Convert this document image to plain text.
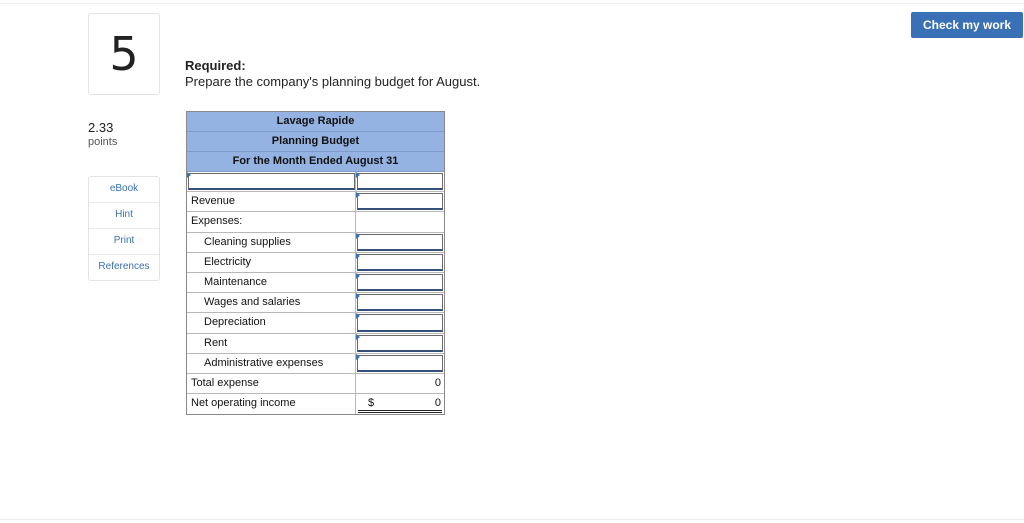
Check my work
5
2.33
points
eBook
Hint
Print
References
Required:
Prepare the company's planning budget for August.
Lavage Rapide
Planning Budget
For the Month Ended August 31
Revenue
Expenses:
Cleaning supplies
Electricity
Maintenance
Wages and salaries
Depreciation
Rent
Administrative expenses
Total expense	0
Net operating income	$	0
